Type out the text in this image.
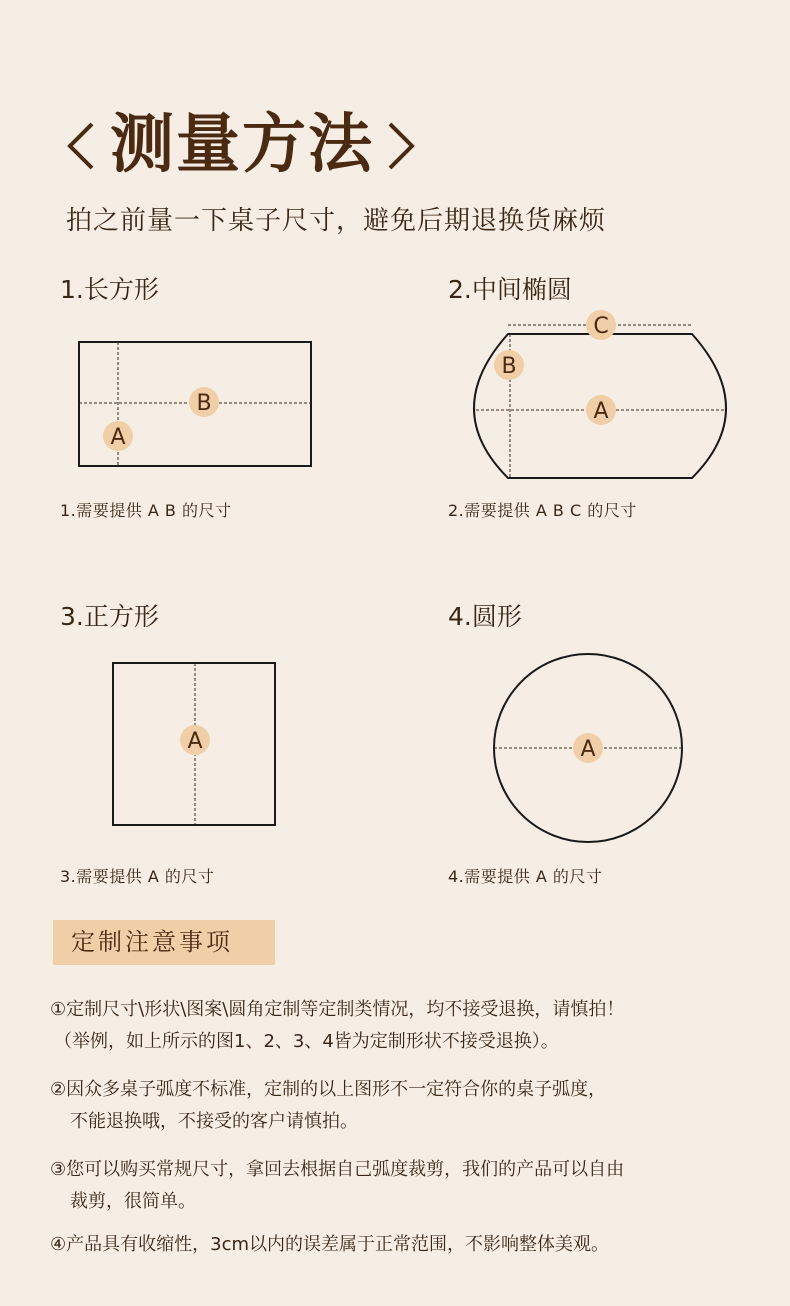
测量方法
拍之前量一下桌子尺寸，避免后期退换货麻烦
1.长方形
B
A
1.需要提供 A B 的尺寸
2.中间椭圆
C
B
A
2.需要提供 A B C 的尺寸
3.正方形
A
3.需要提供 A 的尺寸
4.圆形
A
4.需要提供 A 的尺寸
定制注意事项
①定制尺寸\形状\图案\圆角定制等定制类情况，均不接受退换，请慎拍！
（举例，如上所示的图1、2、3、4皆为定制形状不接受退换）。
②因众多桌子弧度不标准，定制的以上图形不一定符合你的桌子弧度，
不能退换哦，不接受的客户请慎拍。
③您可以购买常规尺寸，拿回去根据自己弧度裁剪，我们的产品可以自由
裁剪，很简单。
④产品具有收缩性，3cm以内的误差属于正常范围，不影响整体美观。
